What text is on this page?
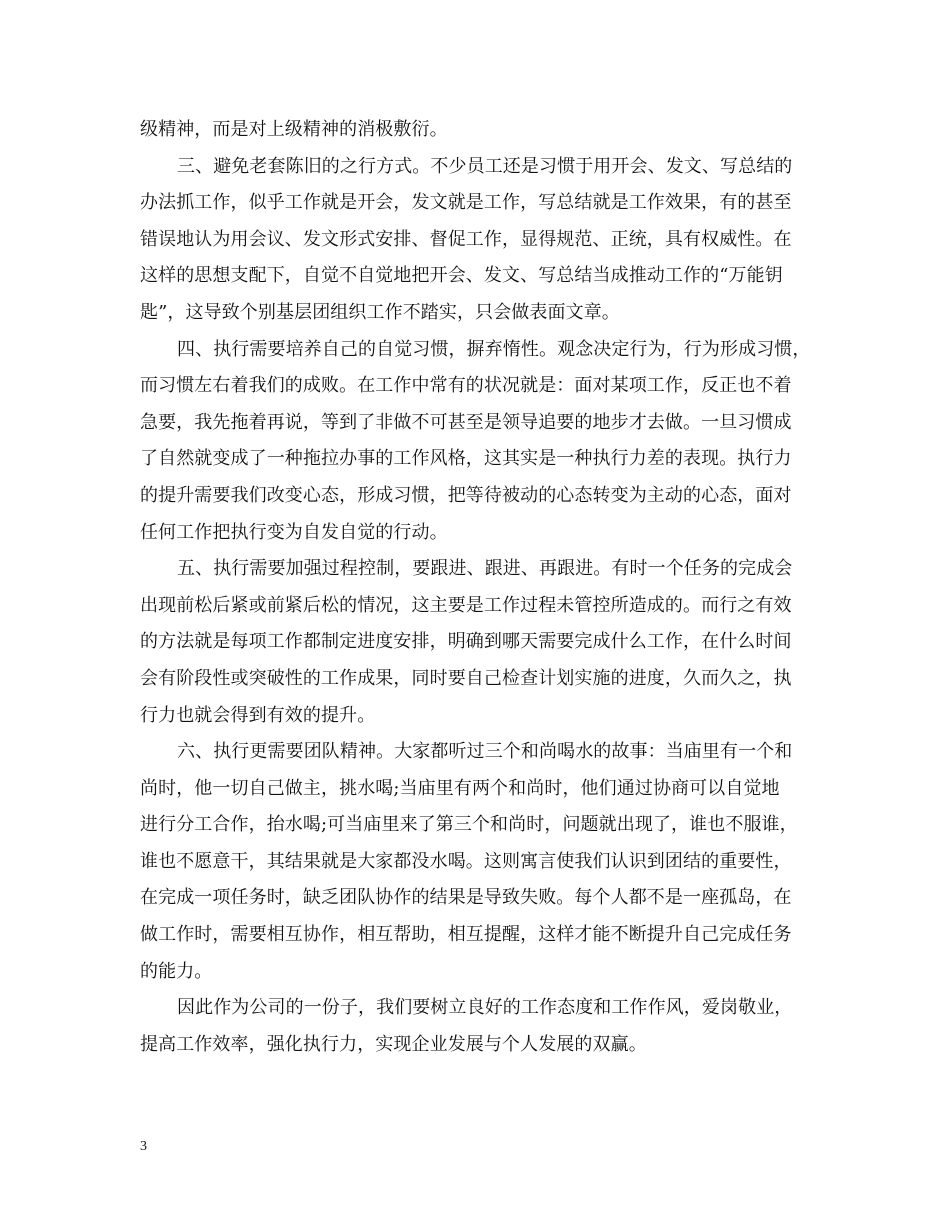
级精神，而是对上级精神的消极敷衍。

三、避免老套陈旧的之行方式。不少员工还是习惯于用开会、发文、写总结的
办法抓工作，似乎工作就是开会，发文就是工作，写总结就是工作效果，有的甚至
错误地认为用会议、发文形式安排、督促工作，显得规范、正统，具有权威性。在
这样的思想支配下，自觉不自觉地把开会、发文、写总结当成推动工作的“万能钥
匙”，这导致个别基层团组织工作不踏实，只会做表面文章。

四、执行需要培养自己的自觉习惯，摒弃惰性。观念决定行为，行为形成习惯，
而习惯左右着我们的成败。在工作中常有的状况就是：面对某项工作，反正也不着
急要，我先拖着再说，等到了非做不可甚至是领导追要的地步才去做。一旦习惯成
了自然就变成了一种拖拉办事的工作风格，这其实是一种执行力差的表现。执行力
的提升需要我们改变心态，形成习惯，把等待被动的心态转变为主动的心态，面对
任何工作把执行变为自发自觉的行动。

五、执行需要加强过程控制，要跟进、跟进、再跟进。有时一个任务的完成会
出现前松后紧或前紧后松的情况，这主要是工作过程未管控所造成的。而行之有效
的方法就是每项工作都制定进度安排，明确到哪天需要完成什么工作，在什么时间
会有阶段性或突破性的工作成果，同时要自己检查计划实施的进度，久而久之，执
行力也就会得到有效的提升。

六、执行更需要团队精神。大家都听过三个和尚喝水的故事：当庙里有一个和
尚时，他一切自己做主，挑水喝;当庙里有两个和尚时，他们通过协商可以自觉地
进行分工合作，抬水喝;可当庙里来了第三个和尚时，问题就出现了，谁也不服谁，
谁也不愿意干，其结果就是大家都没水喝。这则寓言使我们认识到团结的重要性，
在完成一项任务时，缺乏团队协作的结果是导致失败。每个人都不是一座孤岛，在
做工作时，需要相互协作，相互帮助，相互提醒，这样才能不断提升自己完成任务
的能力。

因此作为公司的一份子，我们要树立良好的工作态度和工作作风，爱岗敬业，
提高工作效率，强化执行力，实现企业发展与个人发展的双赢。

3
